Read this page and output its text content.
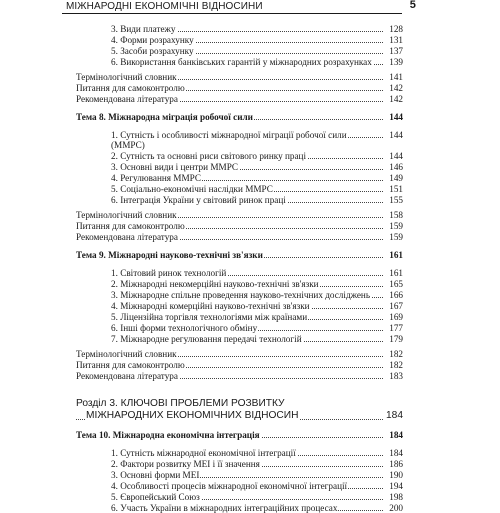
МІЖНАРОДНІ ЕКОНОМІЧНІ ВІДНОСИНИ	5
3. Види платежу	128
4. Форми розрахунку	131
5. Засоби розрахунку	137
6. Використання банківських гарантій у міжнародних розрахунках 139
Термінологічний словник	141
Питання для самоконтролю	142
Рекомендована література	142
Тема 8. Міжнародна міграція робочої сили	144
1. Сутність і особливості міжнародної міграції робочої сили	144
(ММРС)
2. Сутність та основні риси світового ринку праці	144
3. Основні види і центри ММРС	146
4. Регулювання ММРС	149
5. Соціально-економічні наслідки ММРС	151
6. Інтеграція України у світовий ринок праці	155
Термінологічний словник	158
Питання для самоконтролю	159
Рекомендована література	159
Тема 9. Міжнародні науково-технічні зв'язки	161
1. Світовий ринок технологій	161
2. Міжнародні некомерційні науково-технічні зв'язки	165
3. Міжнародне спільне проведення науково-технічних досліджень 166
4. Міжнародні комерційні науково-технічні зв'язки	167
5. Ліцензійна торгівля технологіями між країнами	169
6. Інші форми технологічного обміну	177
7. Міжнародне регулювання передачі технологій	179
Термінологічний словник	182
Питання для самоконтролю	182
Рекомендована література	183
Розділ 3. КЛЮЧОВІ ПРОБЛЕМИ РОЗВИТКУ
МІЖНАРОДНИХ ЕКОНОМІЧНИХ ВІДНОСИН	184
Тема 10. Міжнародна економічна інтеграція	184
1. Сутність міжнародної економічної інтеграції	184
2. Фактори розвитку МЕІ і її значення	186
3. Основні форми МЕІ	190
4. Особливості процесів міжнародної економічної інтеграції	194
5. Європейський Союз	198
6. Участь України в міжнародних інтеграційних процесах	200
